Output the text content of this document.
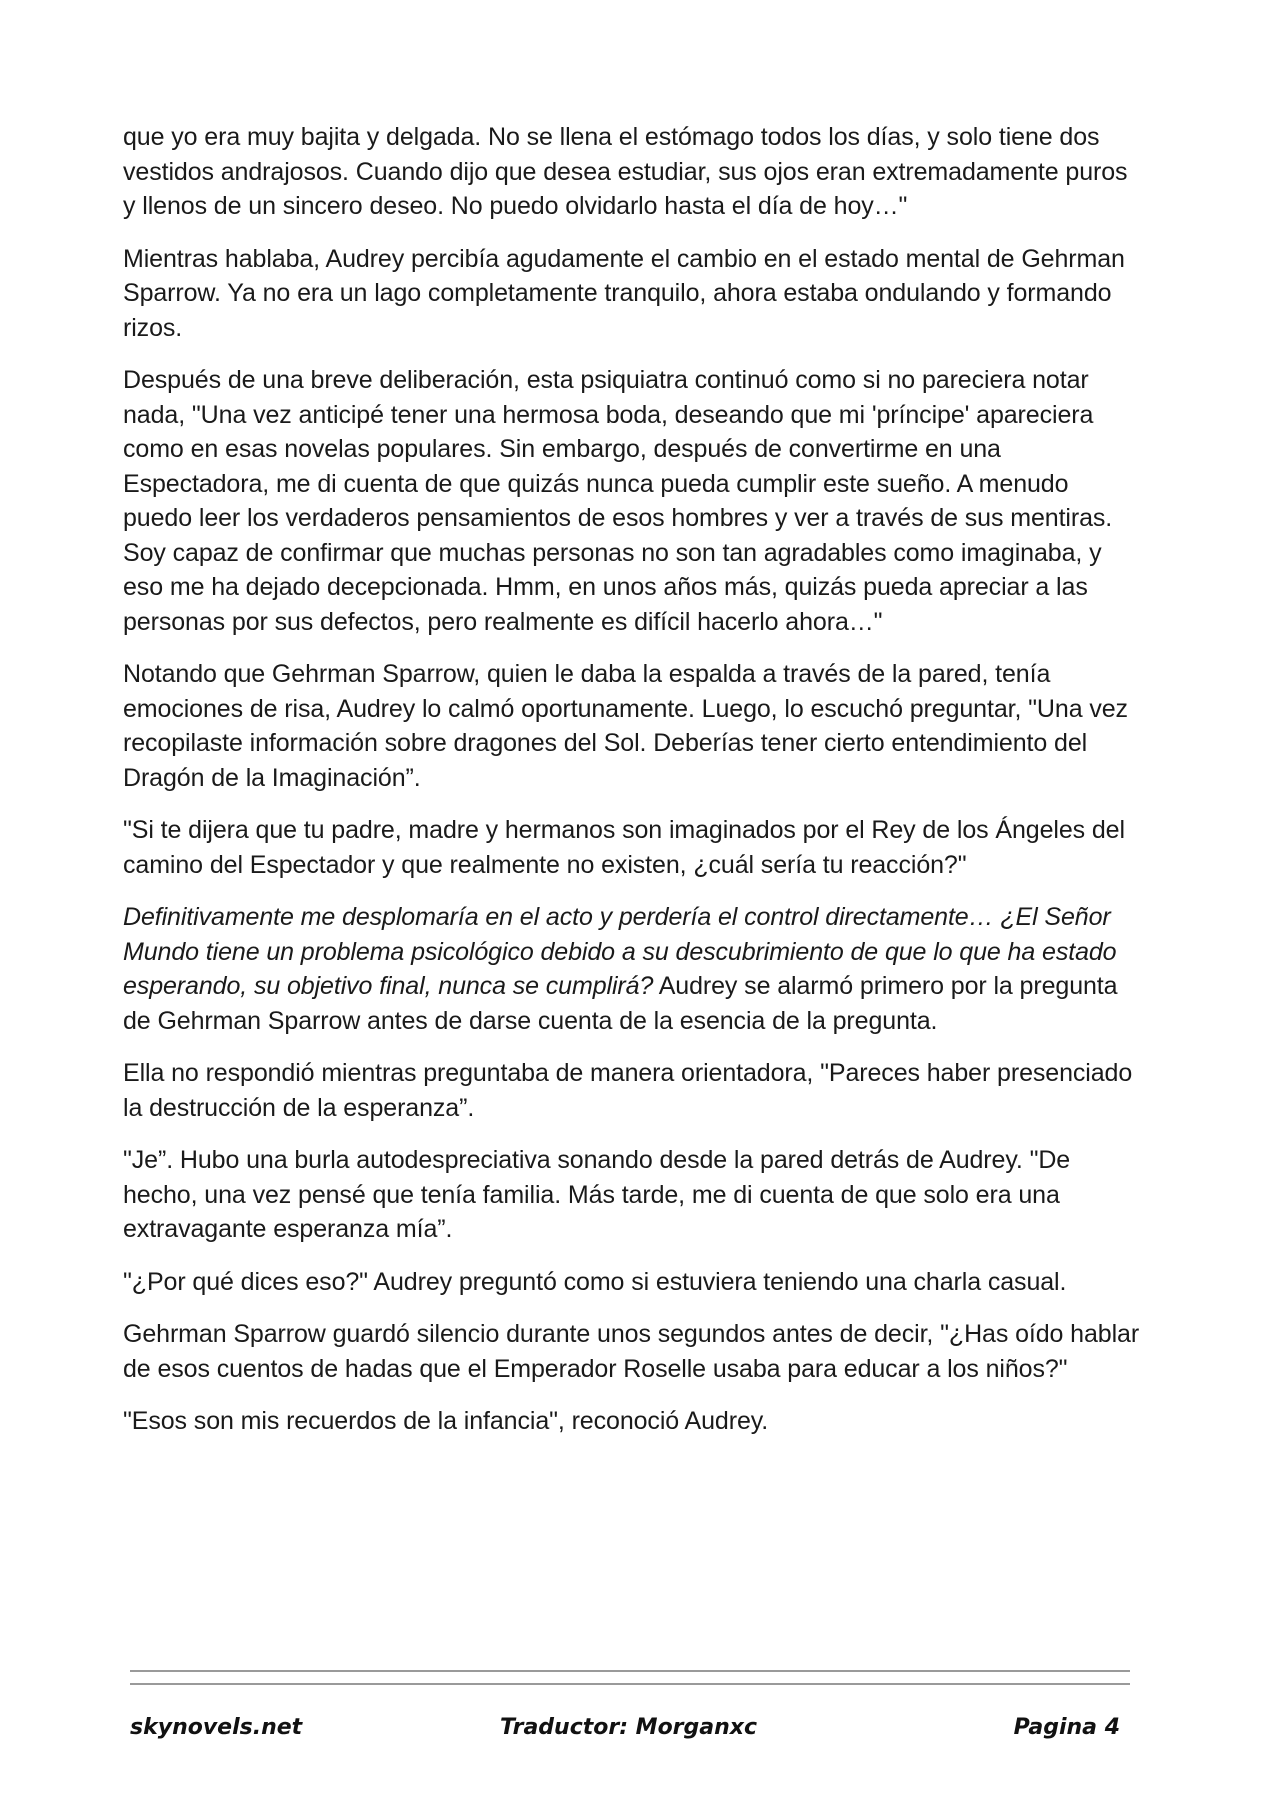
que yo era muy bajita y delgada. No se llena el estómago todos los días, y solo tiene dos vestidos andrajosos. Cuando dijo que desea estudiar, sus ojos eran extremadamente puros y llenos de un sincero deseo. No puedo olvidarlo hasta el día de hoy…"

Mientras hablaba, Audrey percibía agudamente el cambio en el estado mental de Gehrman Sparrow. Ya no era un lago completamente tranquilo, ahora estaba ondulando y formando rizos.

Después de una breve deliberación, esta psiquiatra continuó como si no pareciera notar nada, "Una vez anticipé tener una hermosa boda, deseando que mi 'príncipe' apareciera como en esas novelas populares. Sin embargo, después de convertirme en una Espectadora, me di cuenta de que quizás nunca pueda cumplir este sueño. A menudo puedo leer los verdaderos pensamientos de esos hombres y ver a través de sus mentiras. Soy capaz de confirmar que muchas personas no son tan agradables como imaginaba, y eso me ha dejado decepcionada. Hmm, en unos años más, quizás pueda apreciar a las personas por sus defectos, pero realmente es difícil hacerlo ahora…"

Notando que Gehrman Sparrow, quien le daba la espalda a través de la pared, tenía emociones de risa, Audrey lo calmó oportunamente. Luego, lo escuchó preguntar, "Una vez recopilaste información sobre dragones del Sol. Deberías tener cierto entendimiento del Dragón de la Imaginación”.

"Si te dijera que tu padre, madre y hermanos son imaginados por el Rey de los Ángeles del camino del Espectador y que realmente no existen, ¿cuál sería tu reacción?"

Definitivamente me desplomaría en el acto y perdería el control directamente… ¿El Señor Mundo tiene un problema psicológico debido a su descubrimiento de que lo que ha estado esperando, su objetivo final, nunca se cumplirá? Audrey se alarmó primero por la pregunta de Gehrman Sparrow antes de darse cuenta de la esencia de la pregunta.

Ella no respondió mientras preguntaba de manera orientadora, "Pareces haber presenciado la destrucción de la esperanza”.

"Je”. Hubo una burla autodespreciativa sonando desde la pared detrás de Audrey. "De hecho, una vez pensé que tenía familia. Más tarde, me di cuenta de que solo era una extravagante esperanza mía”.

"¿Por qué dices eso?" Audrey preguntó como si estuviera teniendo una charla casual.

Gehrman Sparrow guardó silencio durante unos segundos antes de decir, "¿Has oído hablar de esos cuentos de hadas que el Emperador Roselle usaba para educar a los niños?"

"Esos son mis recuerdos de la infancia", reconoció Audrey.

skynovels.net	Traductor: Morganxc	Pagina 4
